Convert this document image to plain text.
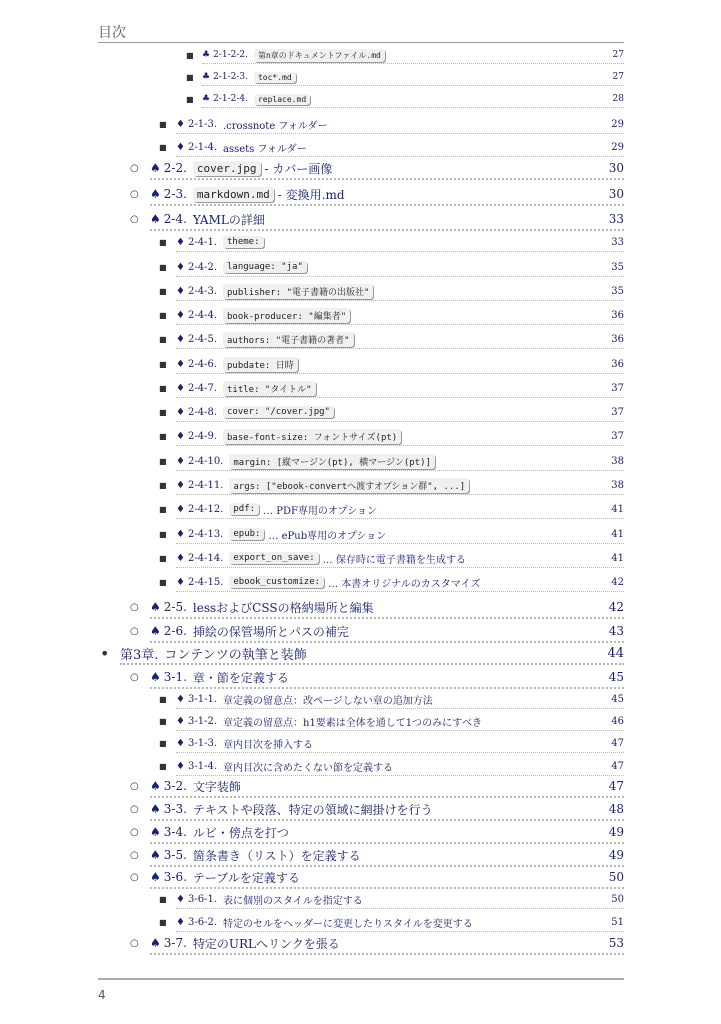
目次
■ ♣ 2-1-2-2.	第n章のドキュメントファイル.md	27
■ ♣ 2-1-2-3.	toc*.md	27
■ ♣ 2-1-2-4.	replace.md	28
■ ♦ 2-1-3. .crossnote フォルダー	29
■ ♦ 2-1-4. assets フォルダー	29
○ ♠ 2-2. cover.jpg - カバー画像	30
○ ♠ 2-3. markdown.md - 変換用.md	30
○ ♠ 2-4. YAMLの詳細	33
■ ♦ 2-4-1.	theme:	33
■ ♦ 2-4-2.	language: "ja"	35
■ ♦ 2-4-3.	publisher: "電子書籍の出版社"	35
■ ♦ 2-4-4.	book-producer: "編集者"	36
■ ♦ 2-4-5.	authors: "電子書籍の著者"	36
■ ♦ 2-4-6.	pubdate: 日時	36
■ ♦ 2-4-7.	title: "タイトル"	37
■ ♦ 2-4-8.	cover: "/cover.jpg"	37
■ ♦ 2-4-9.	base-font-size: フォントサイズ(pt)	37
■ ♦ 2-4-10.	margin: [縦マージン(pt), 横マージン(pt)]	38
■ ♦ 2-4-11.	args: ["ebook-convertへ渡すオプション群", ...]	38
■ ♦ 2-4-12.	pdf: … PDF専用のオプション	41
■ ♦ 2-4-13.	epub: … ePub専用のオプション	41
■ ♦ 2-4-14.	export_on_save: … 保存時に電子書籍を生成する	41
■ ♦ 2-4-15.	ebook_customize: … 本書オリジナルのカスタマイズ	42
○ ♠ 2-5. lessおよびCSSの格納場所と編集	42
○ ♠ 2-6. 挿絵の保管場所とパスの補完	43
• 第3章. コンテンツの執筆と装飾	44
○ ♠ 3-1. 章・節を定義する	45
■ ♦ 3-1-1. 章定義の留意点：改ページしない章の追加方法	45
■ ♦ 3-1-2. 章定義の留意点：h1要素は全体を通して1つのみにすべき	46
■ ♦ 3-1-3. 章内目次を挿入する	47
■ ♦ 3-1-4. 章内目次に含めたくない節を定義する	47
○ ♠ 3-2. 文字装飾	47
○ ♠ 3-3. テキストや段落、特定の領域に網掛けを行う	48
○ ♠ 3-4. ルビ・傍点を打つ	49
○ ♠ 3-5. 箇条書き（リスト）を定義する	49
○ ♠ 3-6. テーブルを定義する	50
■ ♦ 3-6-1. 表に個別のスタイルを指定する	50
■ ♦ 3-6-2. 特定のセルをヘッダーに変更したりスタイルを変更する	51
○ ♠ 3-7. 特定のURLへリンクを張る	53
4
